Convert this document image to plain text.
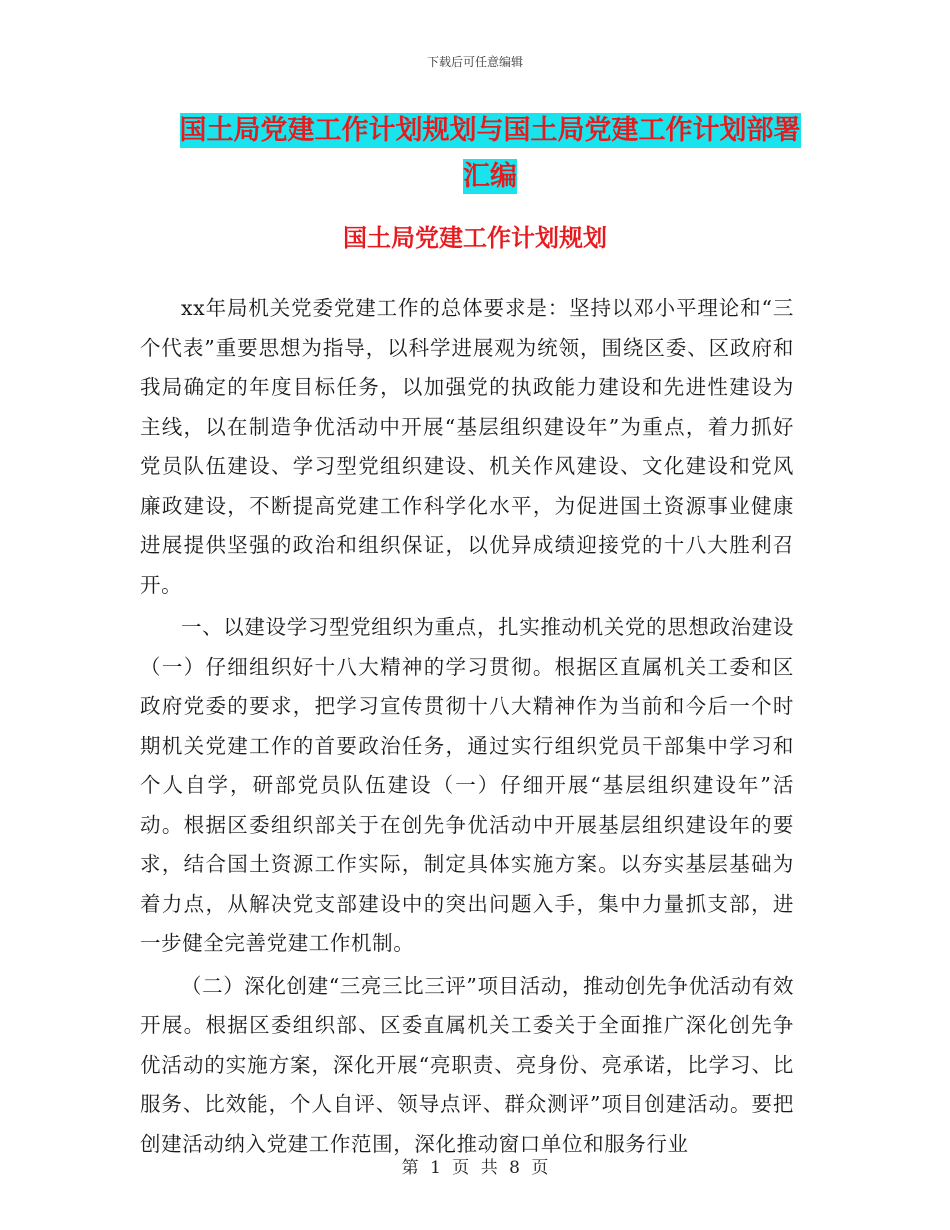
下载后可任意编辑
国土局党建工作计划规划与国土局党建工作计划部署
汇编
国土局党建工作计划规划

xx年局机关党委党建工作的总体要求是：坚持以邓小平理论和“三个代表”重要思想为指导，以科学进展观为统领，围绕区委、区政府和我局确定的年度目标任务，以加强党的执政能力建设和先进性建设为主线，以在制造争优活动中开展“基层组织建设年”为重点，着力抓好党员队伍建设、学习型党组织建设、机关作风建设、文化建设和党风廉政建设，不断提高党建工作科学化水平，为促进国土资源事业健康进展提供坚强的政治和组织保证，以优异成绩迎接党的十八大胜利召开。

一、以建设学习型党组织为重点，扎实推动机关党的思想政治建设（一）仔细组织好十八大精神的学习贯彻。根据区直属机关工委和区政府党委的要求，把学习宣传贯彻十八大精神作为当前和今后一个时期机关党建工作的首要政治任务，通过实行组织党员干部集中学习和个人自学，研部党员队伍建设（一）仔细开展“基层组织建设年”活动。根据区委组织部关于在创先争优活动中开展基层组织建设年的要求，结合国土资源工作实际，制定具体实施方案。以夯实基层基础为着力点，从解决党支部建设中的突出问题入手，集中力量抓支部，进一步健全完善党建工作机制。

（二）深化创建“三亮三比三评”项目活动，推动创先争优活动有效开展。根据区委组织部、区委直属机关工委关于全面推广深化创先争优活动的实施方案，深化开展“亮职责、亮身份、亮承诺，比学习、比服务、比效能，个人自评、领导点评、群众测评”项目创建活动。要把创建活动纳入党建工作范围，深化推动窗口单位和服务行业

第 1 页 共 8 页
